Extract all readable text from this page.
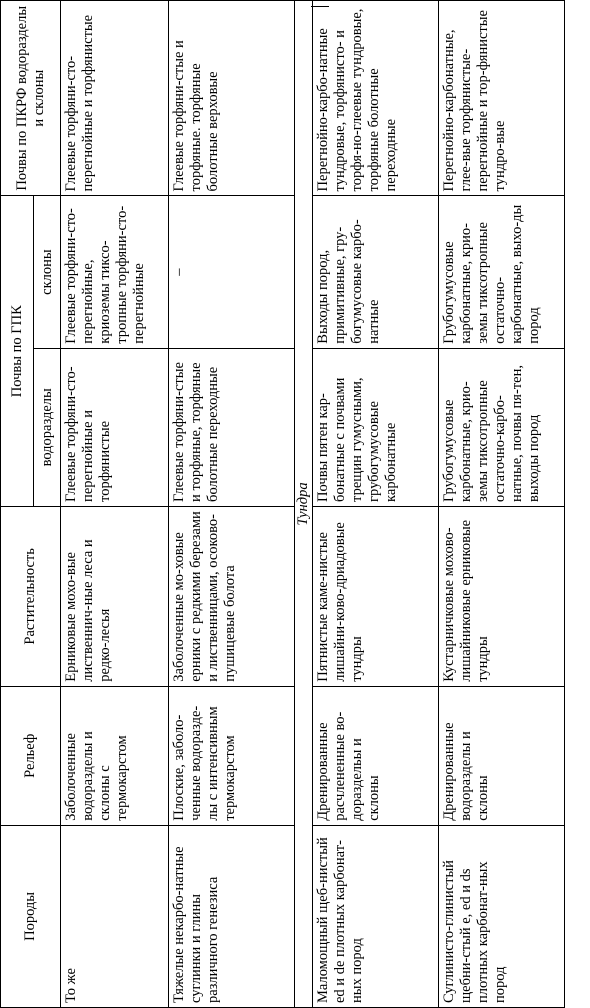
Породы	Рельеф	Растительность	Почвы по ГПК		Почвы по ПКРФ водоразделы и склоны
			водоразделы	склоны	
То же	Заболоченные водоразделы и склоны с термокарстом	Ерниковые мохо-вые лиственнич-ные леса и редко-лесья	Глеевые торфяни-сто-перегнойные и торфянистые	Глеевые торфяни-сто-перегнойные, криоземы тиксо-тропные торфяни-сто-перегнойные	Глеевые торфяни-сто-перегнойные и торфянистые
Тяжелые некарбо-натные суглинки и глины различного генезиса	Плоские, заболо-ченные водоразде-лы с интенсивным термокарстом	Заболоченные мо-ховые ерники с редкими березами и лиственницами, осоково-пушицевые болота	Глеевые торфяни-стые и торфяные, торфяные болотные переходные	–	Глеевые торфяни-стые и торфяные. торфяные болотные верховые
Тундра					
Маломощный щеб-нистый ed и de плотных карбонат-ных пород	Дренированные расчлененные во-дораздельы и склоны	Пятнистые каме-нистые лишайни-ково-дриадовые тундры	Почвы пятен кар-бонатные с почвами трещин гумусными, грубогумусовые карбонатные	Выходы пород, примитивные, гру-богумусовые карбо-натные	Перегнойно-карбо-натные тундровые, торфянисто- и торфя-но-глеевые тундровые, торфяные болотные переходные
Суглинисто-глинистый щебни-стый e, ed и ds плотных карбонат-ных пород	Дренированные водоразделы и склоны	Кустарничковые мохово-лишайниковые ерниковые тундры	Грубогумусовые карбонатные, крио-земы тиксотропные остаточно-карбо-натные, почвы пя-тен, выходы пород	Грубогумусовые карбонатные, крио-земы тиксотропные остаточно-карбонатные, выхо-ды пород	Перегнойно-карбонатные, глее-вые торфянистые-перегнойные и тор-фянистые тундро-вые
